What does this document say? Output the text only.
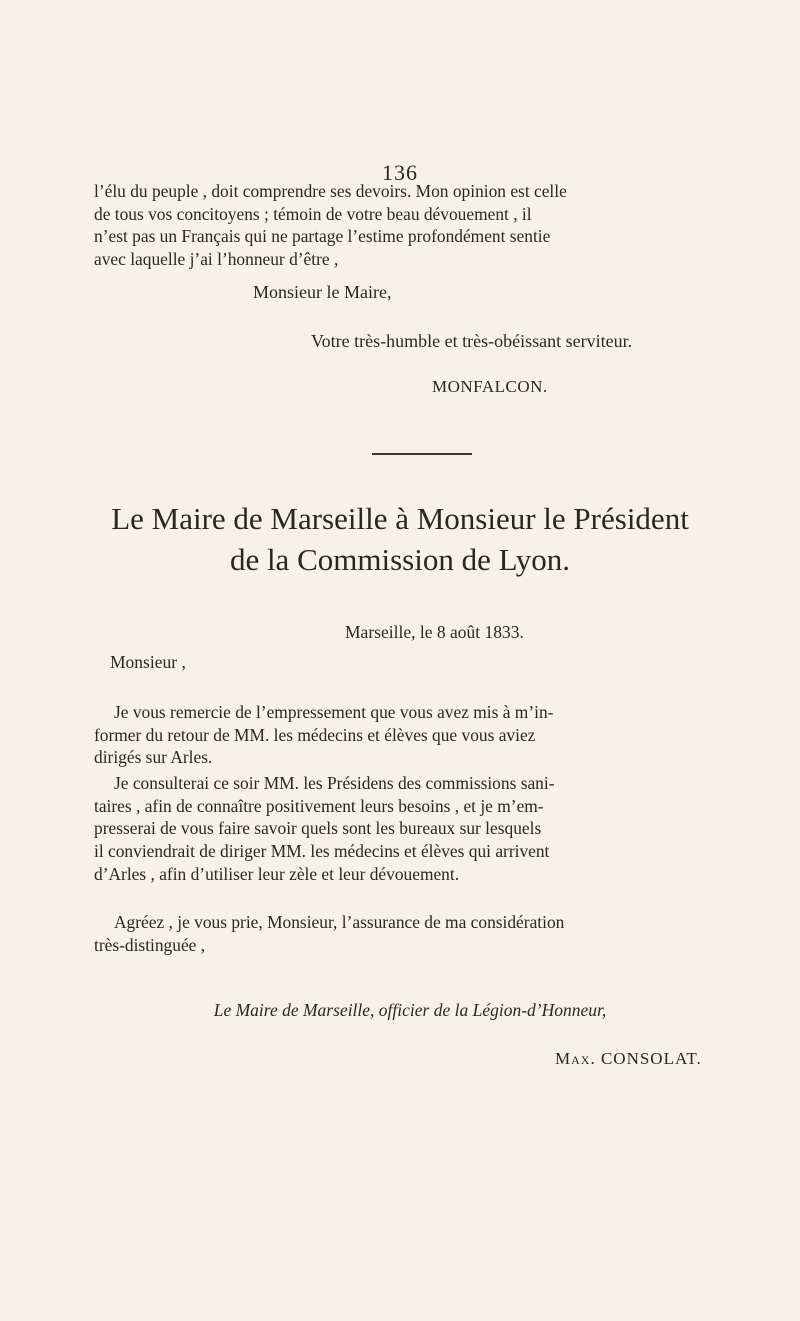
136
l’élu du peuple , doit comprendre ses devoirs. Mon opinion est celle
de tous vos concitoyens ; témoin de votre beau dévouement , il
n’est pas un Français qui ne partage l’estime profondément sentie
avec laquelle j’ai l’honneur d’être ,
Monsieur le Maire,
Votre très-humble et très-obéissant serviteur.
MONFALCON.
Le Maire de Marseille à Monsieur le Président
de la Commission de Lyon.
Marseille, le 8 août 1833.
Monsieur ,
Je vous remercie de l’empressement que vous avez mis à m’in-
former du retour de MM. les médecins et élèves que vous aviez
dirigés sur Arles.
Je consulterai ce soir MM. les Présidens des commissions sani-
taires , afin de connaître positivement leurs besoins , et je m’em-
presserai de vous faire savoir quels sont les bureaux sur lesquels
il conviendrait de diriger MM. les médecins et élèves qui arrivent
d’Arles , afin d’utiliser leur zèle et leur dévouement.
Agréez , je vous prie, Monsieur, l’assurance de ma considération
très-distinguée ,
Le Maire de Marseille, officier de la Légion-d’Honneur,
Max. CONSOLAT.
